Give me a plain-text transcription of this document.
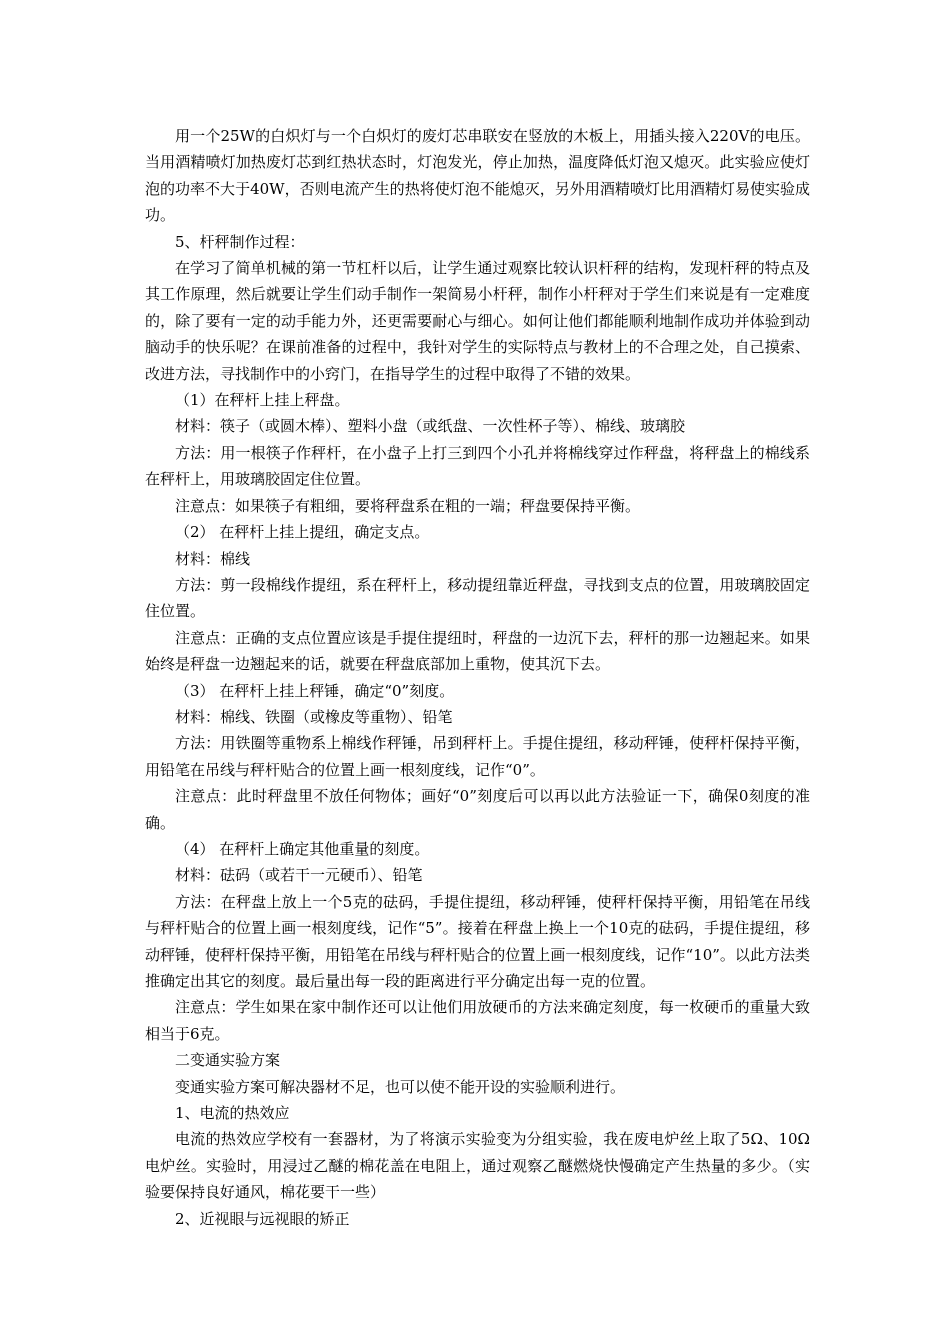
用一个25W的白炽灯与一个白炽灯的废灯芯串联安在竖放的木板上，用插头接入220V的电压。当用酒精喷灯加热废灯芯到红热状态时，灯泡发光，停止加热，温度降低灯泡又熄灭。此实验应使灯泡的功率不大于40W，否则电流产生的热将使灯泡不能熄灭，另外用酒精喷灯比用酒精灯易使实验成功。

5、杆秤制作过程：

在学习了简单机械的第一节杠杆以后，让学生通过观察比较认识杆秤的结构，发现杆秤的特点及其工作原理，然后就要让学生们动手制作一架简易小杆秤，制作小杆秤对于学生们来说是有一定难度的，除了要有一定的动手能力外，还更需要耐心与细心。如何让他们都能顺利地制作成功并体验到动脑动手的快乐呢？在课前准备的过程中，我针对学生的实际特点与教材上的不合理之处，自己摸索、改进方法，寻找制作中的小窍门，在指导学生的过程中取得了不错的效果。

（1）在秤杆上挂上秤盘。

材料：筷子（或圆木棒）、塑料小盘（或纸盘、一次性杯子等）、棉线、玻璃胶

方法：用一根筷子作秤杆，在小盘子上打三到四个小孔并将棉线穿过作秤盘，将秤盘上的棉线系在秤杆上，用玻璃胶固定住位置。

注意点：如果筷子有粗细，要将秤盘系在粗的一端；秤盘要保持平衡。

（2） 在秤杆上挂上提纽，确定支点。

材料：棉线

方法：剪一段棉线作提纽，系在秤杆上，移动提纽靠近秤盘，寻找到支点的位置，用玻璃胶固定住位置。

注意点：正确的支点位置应该是手提住提纽时，秤盘的一边沉下去，秤杆的那一边翘起来。如果始终是秤盘一边翘起来的话，就要在秤盘底部加上重物，使其沉下去。

（3） 在秤杆上挂上秤锤，确定“0”刻度。

材料：棉线、铁圈（或橡皮等重物）、铅笔

方法：用铁圈等重物系上棉线作秤锤，吊到秤杆上。手提住提纽，移动秤锤，使秤杆保持平衡，用铅笔在吊线与秤杆贴合的位置上画一根刻度线，记作“0”。

注意点：此时秤盘里不放任何物体；画好“0”刻度后可以再以此方法验证一下，确保0刻度的准确。

（4） 在秤杆上确定其他重量的刻度。

材料：砝码（或若干一元硬币）、铅笔

方法：在秤盘上放上一个5克的砝码，手提住提纽，移动秤锤，使秤杆保持平衡，用铅笔在吊线与秤杆贴合的位置上画一根刻度线，记作“5”。接着在秤盘上换上一个10克的砝码，手提住提纽，移动秤锤，使秤杆保持平衡，用铅笔在吊线与秤杆贴合的位置上画一根刻度线，记作“10”。以此方法类推确定出其它的刻度。最后量出每一段的距离进行平分确定出每一克的位置。

注意点：学生如果在家中制作还可以让他们用放硬币的方法来确定刻度，每一枚硬币的重量大致相当于6克。

二变通实验方案

变通实验方案可解决器材不足，也可以使不能开设的实验顺利进行。

1、电流的热效应

电流的热效应学校有一套器材，为了将演示实验变为分组实验，我在废电炉丝上取了5Ω、10Ω电炉丝。实验时，用浸过乙醚的棉花盖在电阻上，通过观察乙醚燃烧快慢确定产生热量的多少。（实验要保持良好通风，棉花要干一些）

2、近视眼与远视眼的矫正
